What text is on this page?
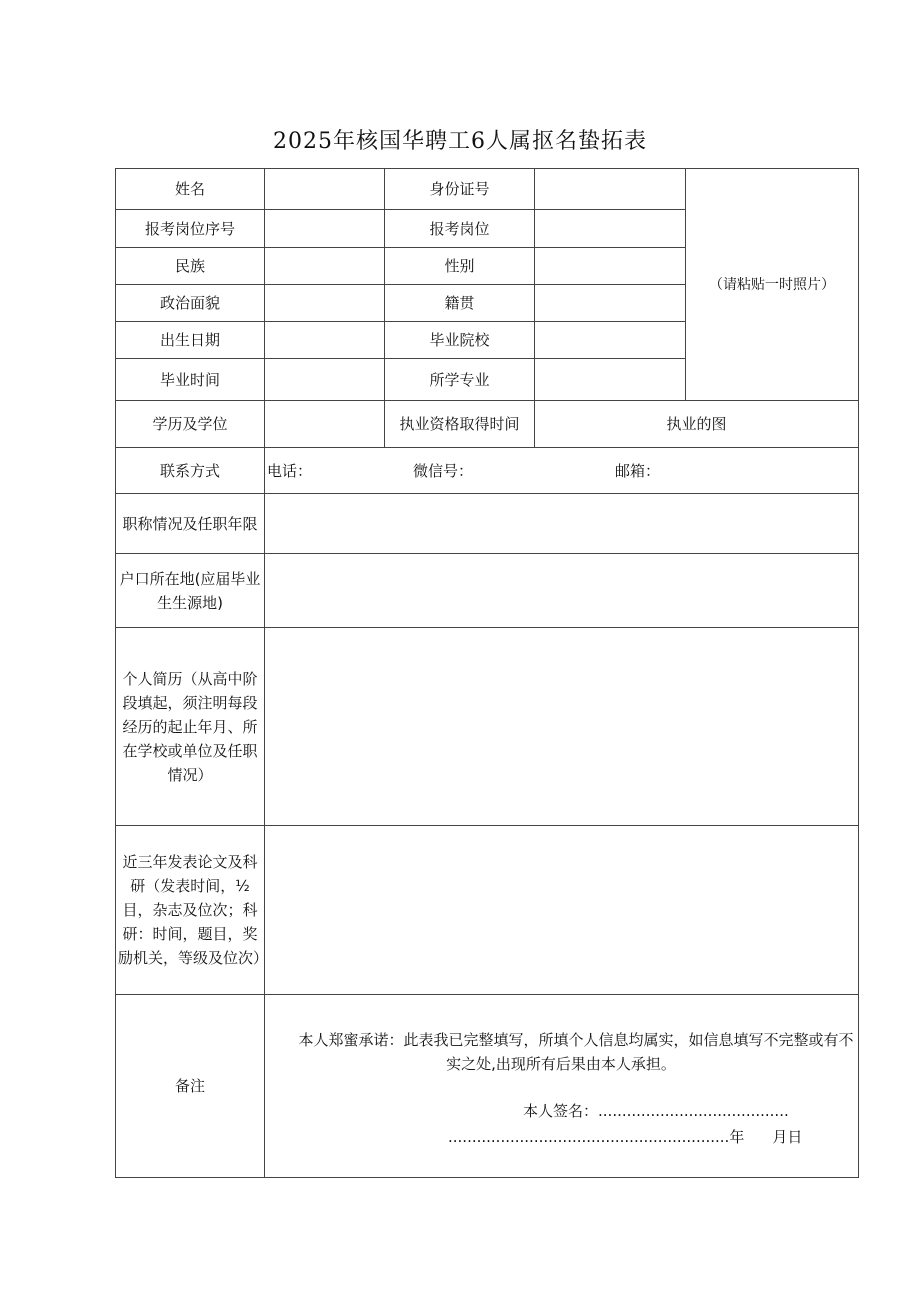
2025年核国华聘工6人属抠名蛰拓表
姓名		身份证号		（请粘贴一时照片）
报考岗位序号		报考岗位		
民族		性别		
政治面貌		籍贯		
出生日期		毕业院校		
毕业时间		所学专业		
学历及学位		执业资格取得时间	执业的图	
联系方式	电话： 微信号： 邮箱：			

职称情况及任职年限				
户口所在地(应届毕业生生源地)				
个人简历（从高中阶段填起，须注明每段经历的起止年月、所在学校或单位及任职情况）				
近三年发表论文及科研（发表时间，½目，杂志及位次；科研：时间，题目，奖励机关，等级及位次）				
备注	本人郑蜜承诺：此表我已完整填写，所填个人信息均属实，如信息填写不完整或有不实之处,出现所有后果由本人承担。
本人签名：........................................
...........................................................年 月日			
